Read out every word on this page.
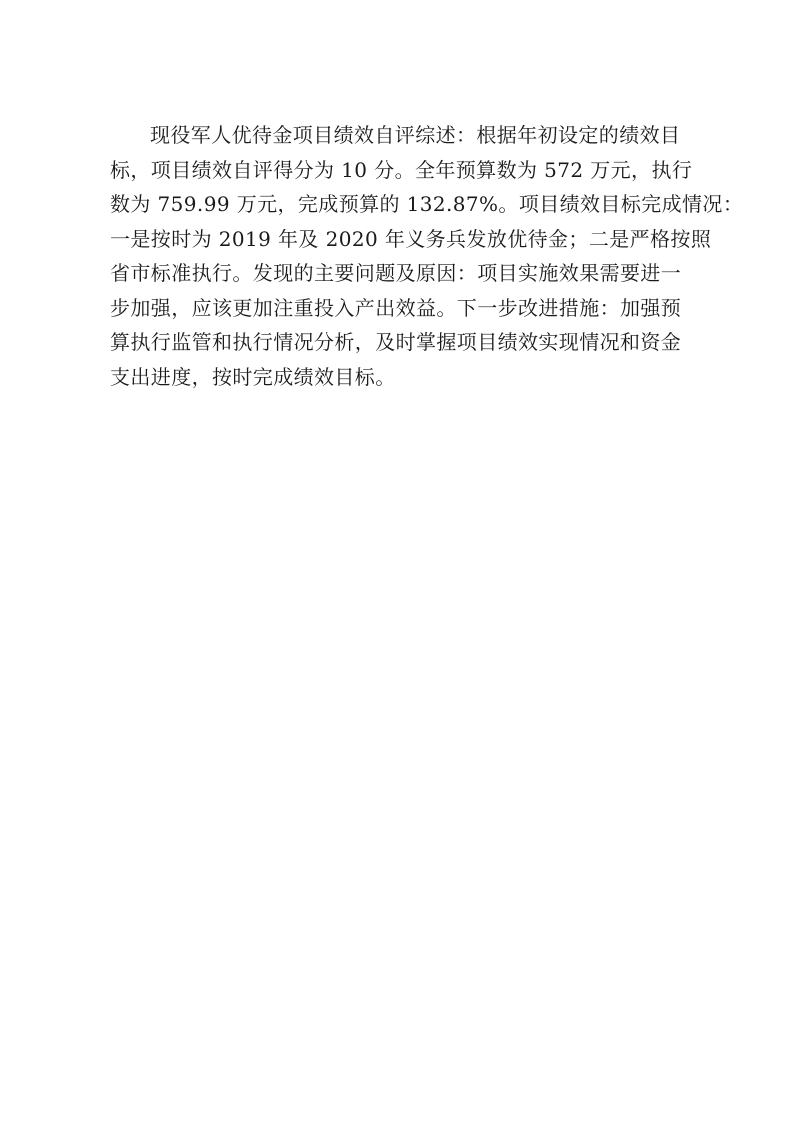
现役军人优待金项目绩效自评综述：根据年初设定的绩效目
标，项目绩效自评得分为 10 分。全年预算数为 572 万元，执行
数为 759.99 万元，完成预算的 132.87%。项目绩效目标完成情况：
一是按时为 2019 年及 2020 年义务兵发放优待金；二是严格按照
省市标准执行。发现的主要问题及原因：项目实施效果需要进一
步加强，应该更加注重投入产出效益。下一步改进措施：加强预
算执行监管和执行情况分析，及时掌握项目绩效实现情况和资金
支出进度，按时完成绩效目标。
